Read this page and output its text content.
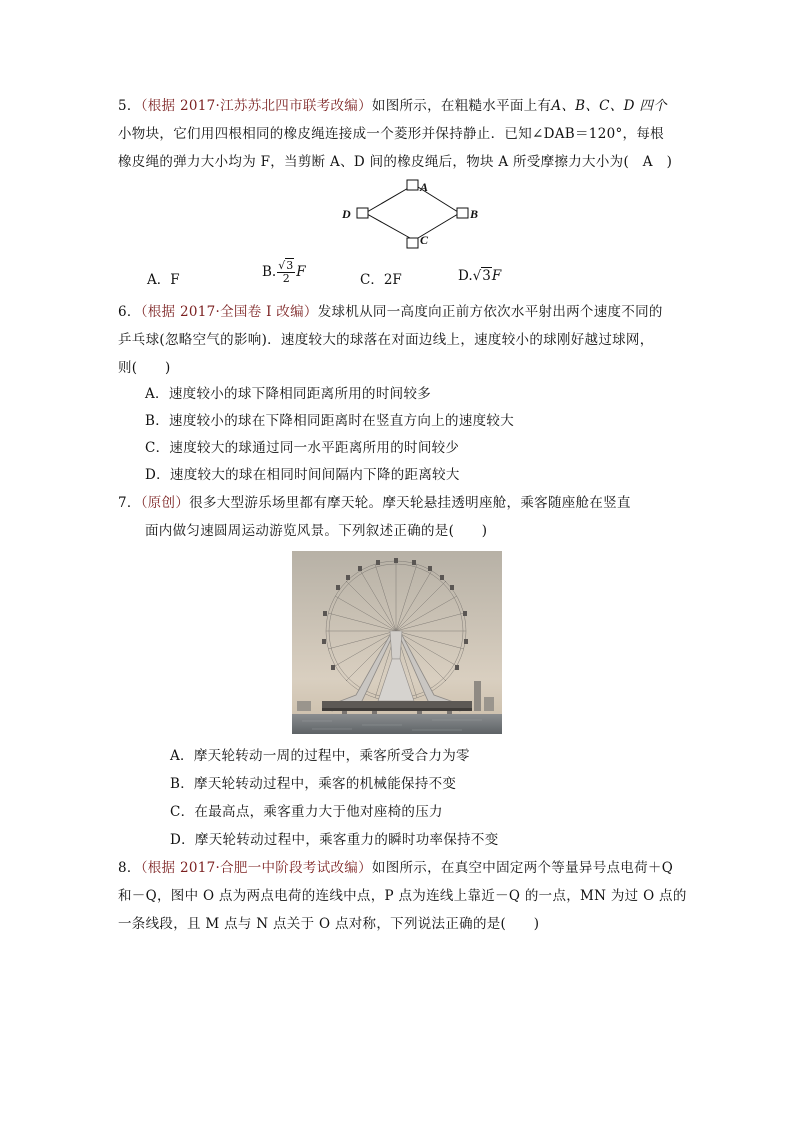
5．（根据 2017·江苏苏北四市联考改编）如图所示，在粗糙水平面上有A、B、C、D 四个
小物块，它们用四根相同的橡皮绳连接成一个菱形并保持静止．已知∠DAB＝120°，每根
橡皮绳的弹力大小均为 F，当剪断 A、D 间的橡皮绳后，物块 A 所受摩擦力大小为(　A　)
A
B
C
D
A．F	B. $\frac{√3}{2}$ F	C．2F	D.√3F
6．（根据 2017·全国卷 I 改编）发球机从同一高度向正前方依次水平射出两个速度不同的
乒乓球(忽略空气的影响)．速度较大的球落在对面边线上，速度较小的球刚好越过球网，
则(　　)
A．速度较小的球下降相同距离所用的时间较多
B．速度较小的球在下降相同距离时在竖直方向上的速度较大
C．速度较大的球通过同一水平距离所用的时间较少
D．速度较大的球在相同时间间隔内下降的距离较大
7．（原创）很多大型游乐场里都有摩天轮。摩天轮悬挂透明座舱，乘客随座舱在竖直
面内做匀速圆周运动游览风景。下列叙述正确的是(　　)
A．摩天轮转动一周的过程中，乘客所受合力为零
B．摩天轮转动过程中，乘客的机械能保持不变
C．在最高点，乘客重力大于他对座椅的压力
D．摩天轮转动过程中，乘客重力的瞬时功率保持不变
8．（根据 2017·合肥一中阶段考试改编）如图所示，在真空中固定两个等量异号点电荷＋Q
和－Q，图中 O 点为两点电荷的连线中点，P 点为连线上靠近－Q 的一点，MN 为过 O 点的
一条线段，且 M 点与 N 点关于 O 点对称，下列说法正确的是(　　)
